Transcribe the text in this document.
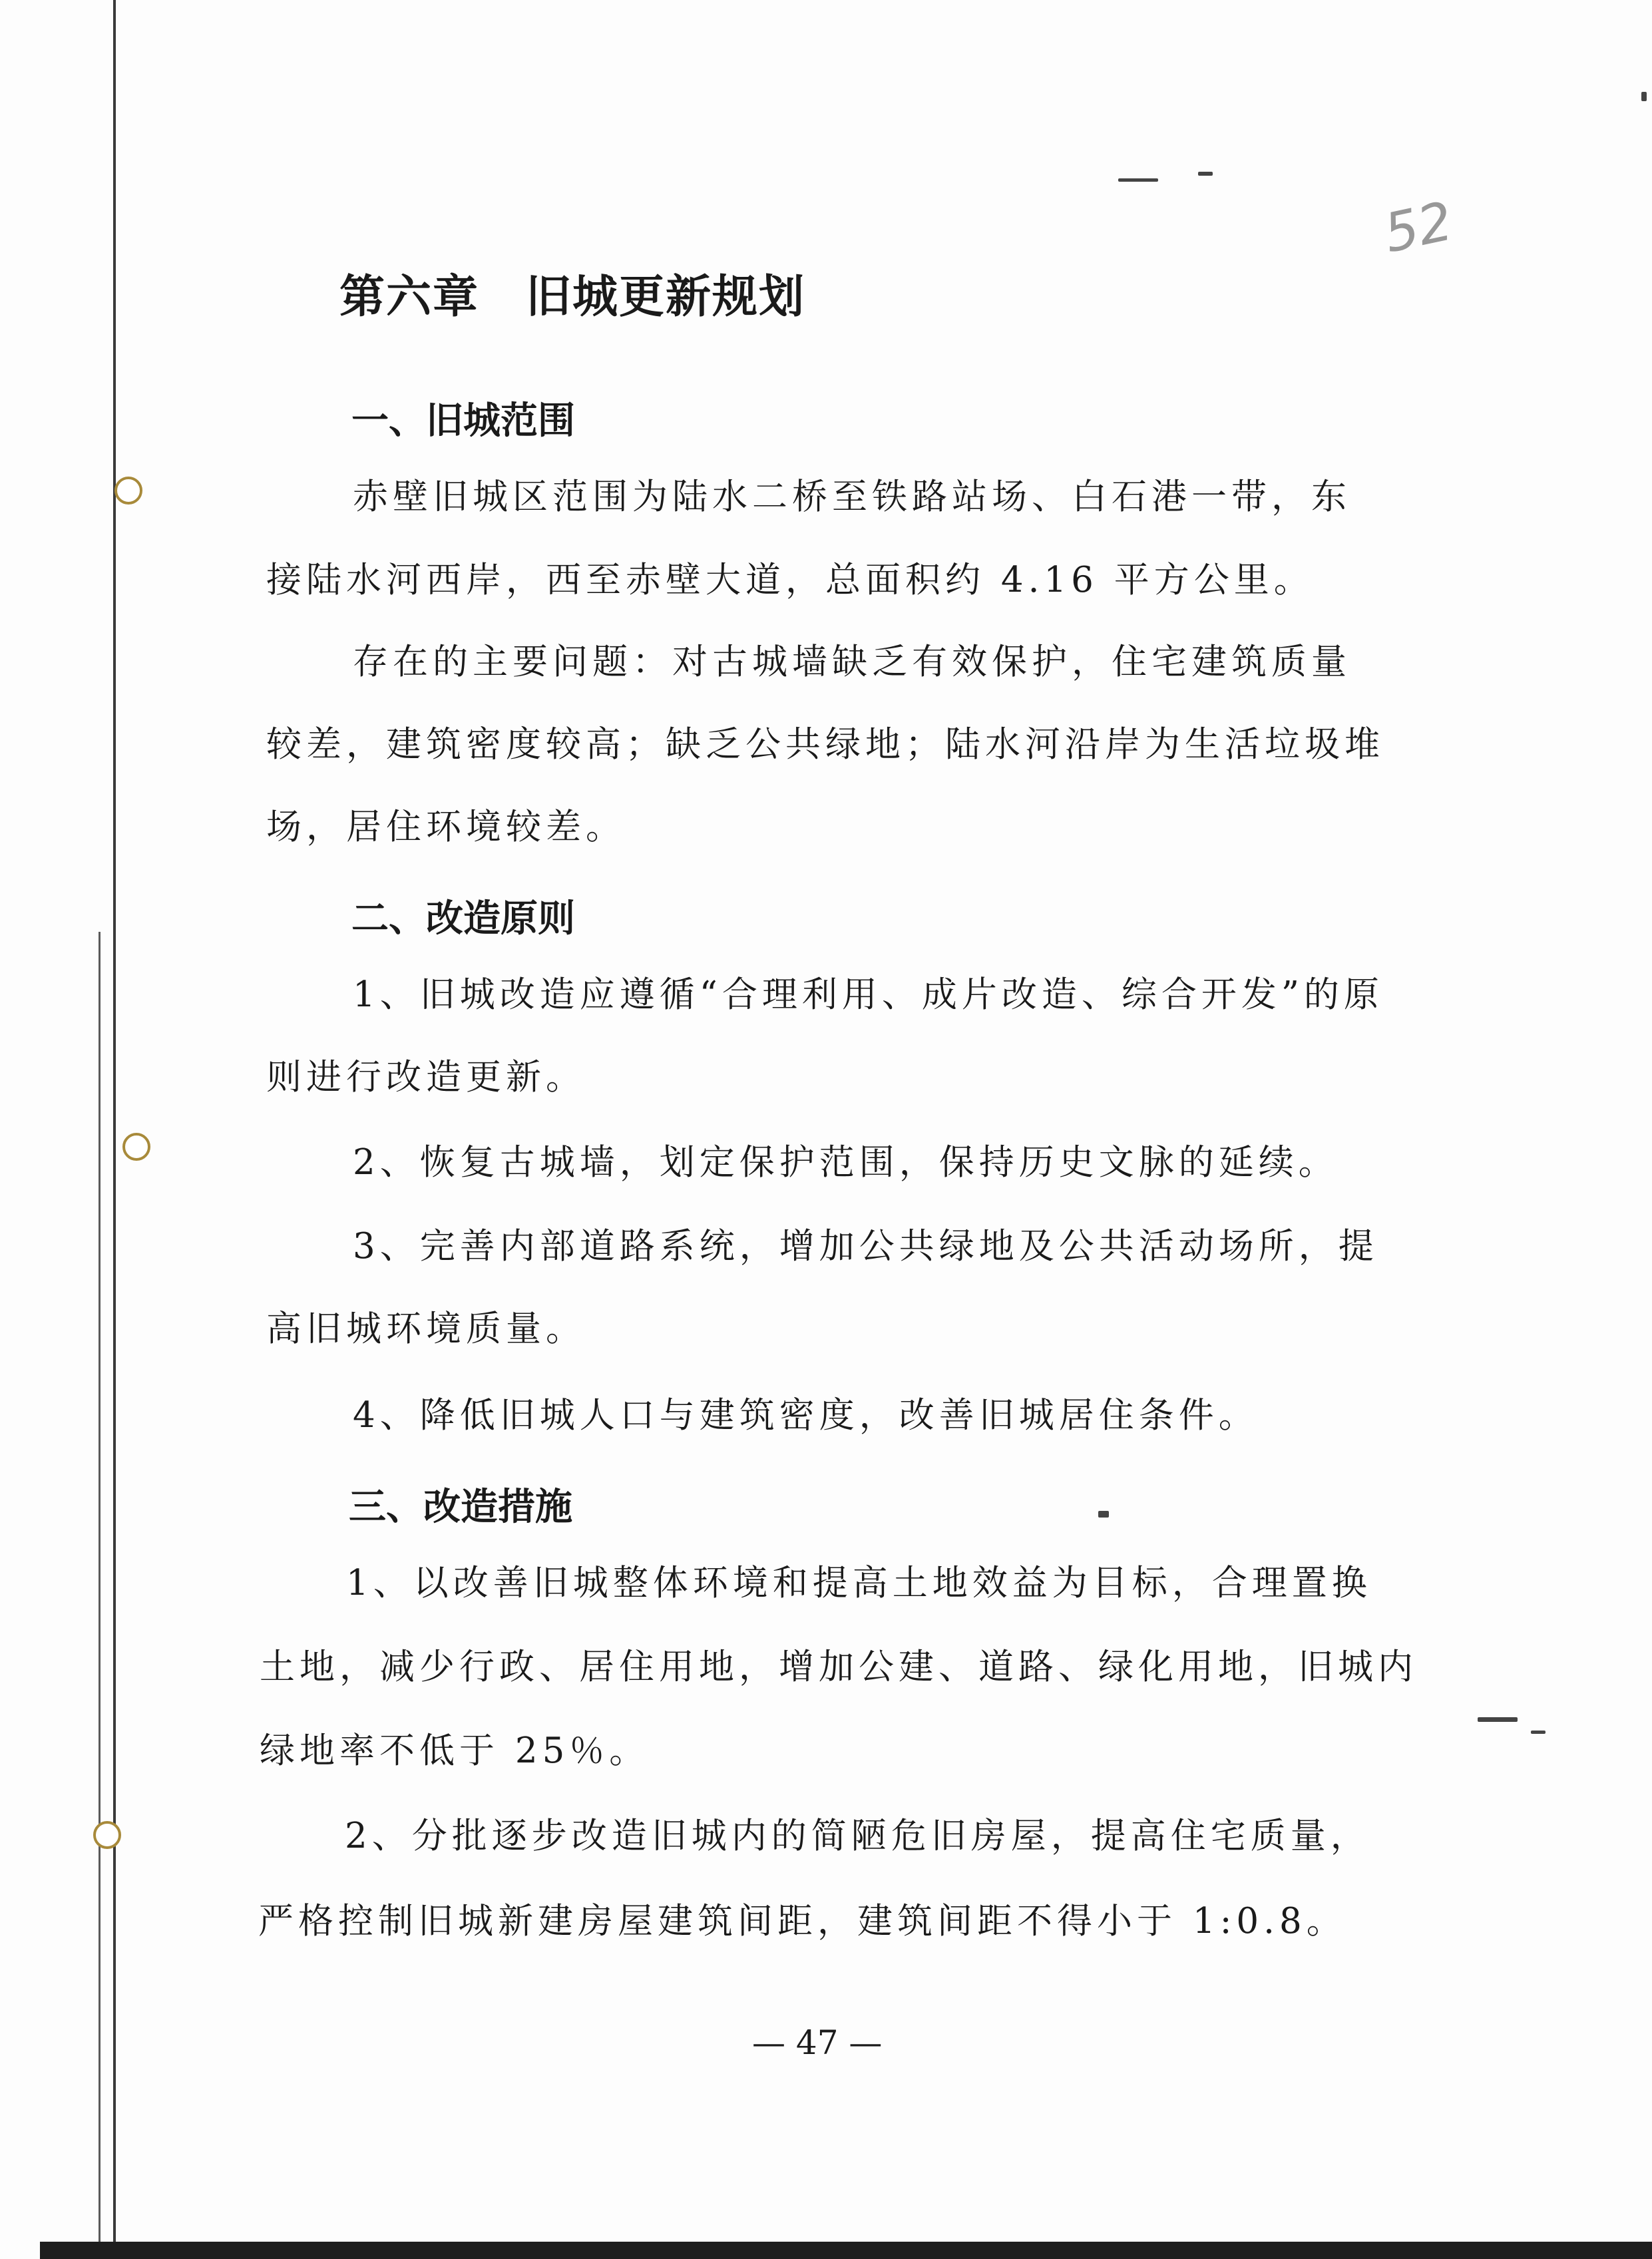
52
第六章　旧城更新规划
一、旧城范围
赤壁旧城区范围为陆水二桥至铁路站场、白石港一带，东
接陆水河西岸，西至赤壁大道，总面积约 4.16 平方公里。
存在的主要问题：对古城墙缺乏有效保护，住宅建筑质量
较差，建筑密度较高；缺乏公共绿地；陆水河沿岸为生活垃圾堆
场，居住环境较差。
二、改造原则
1、旧城改造应遵循“合理利用、成片改造、综合开发”的原
则进行改造更新。
2、恢复古城墙，划定保护范围，保持历史文脉的延续。
3、完善内部道路系统，增加公共绿地及公共活动场所，提
高旧城环境质量。
4、降低旧城人口与建筑密度，改善旧城居住条件。
三、改造措施
1、以改善旧城整体环境和提高土地效益为目标，合理置换
土地，减少行政、居住用地，增加公建、道路、绿化用地，旧城内
绿地率不低于 25％。
2、分批逐步改造旧城内的简陋危旧房屋，提高住宅质量，
严格控制旧城新建房屋建筑间距，建筑间距不得小于 1:0.8。
— 47 —
